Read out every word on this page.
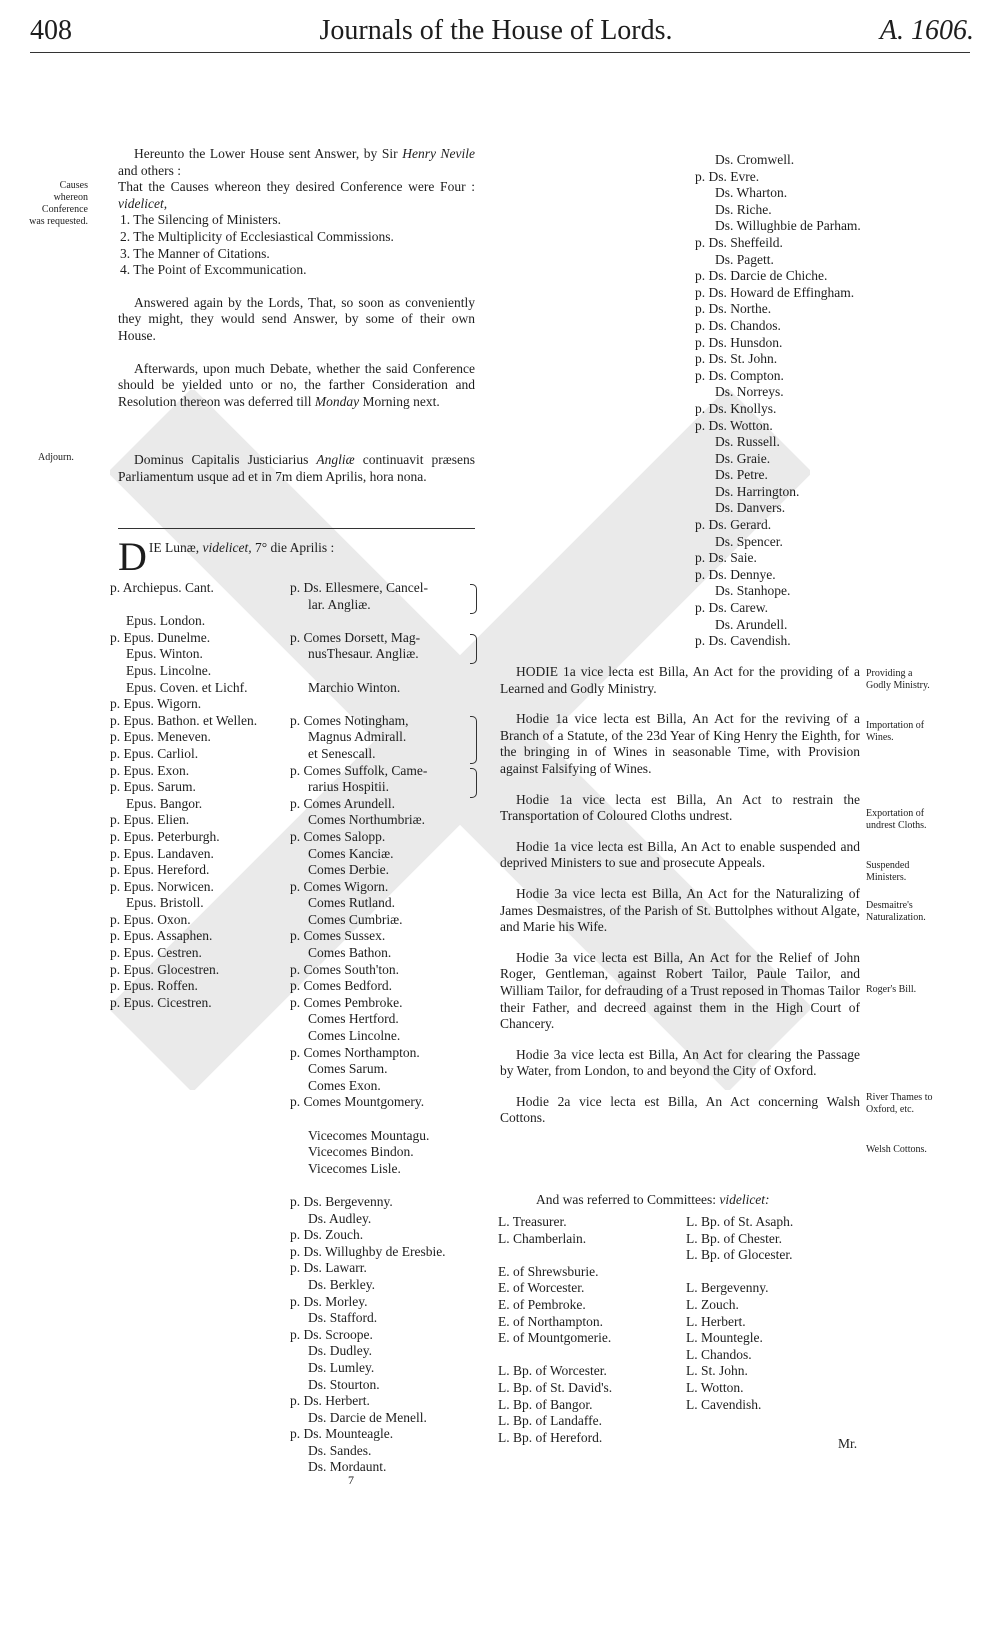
408	Journals of the House of Lords.	A. 1606.
Causes whereon Conference was requested.
Hereunto the Lower House sent Answer, by Sir Henry Nevile and others :
That the Causes whereon they desired Conference were Four : videlicet,
1. The Silencing of Ministers.
2. The Multiplicity of Ecclesiastical Commissions.
3. The Manner of Citations.
4. The Point of Excommunication.
Answered again by the Lords, That, so soon as conveniently they might, they would send Answer, by some of their own House.
Afterwards, upon much Debate, whether the said Conference should be yielded unto or no, the farther Consideration and Resolution thereon was deferred till Monday Morning next.
Adjourn.	Dominus Capitalis Justiciarius Angliæ continuavit præsens Parliamentum usque ad et in 7m diem Aprilis, hora nona.
D IE Lunæ, videlicet, 7° die Aprilis :
p. Archiepus. Cant.
Epus. London.
p. Epus. Dunelme.
Epus. Winton.
Epus. Lincolne.
Epus. Coven. et Lichf.
p. Epus. Wigorn.
p. Epus. Bathon. et Wellen.
p. Epus. Meneven.
p. Epus. Carliol.
p. Epus. Exon.
p. Epus. Sarum.
Epus. Bangor.
p. Epus. Elien.
p. Epus. Peterburgh.
p. Epus. Landaven.
p. Epus. Hereford.
p. Epus. Norwicen.
Epus. Bristoll.
p. Epus. Oxon.
p. Epus. Assaphen.
p. Epus. Cestren.
p. Epus. Glocestren.
p. Epus. Roffen.
p. Epus. Cicestren.
p. Ds. Ellesmere, Cancel-
lar. Angliæ.
p. Comes Dorsett, Mag-
nusThesaur. Angliæ.
Marchio Winton.
p. Comes Notingham,
Magnus Admirall.
et Senescall.
p. Comes Suffolk, Came-
rarius Hospitii.
p. Comes Arundell.
Comes Northumbriæ.
p. Comes Salopp.
Comes Kanciæ.
Comes Derbie.
p. Comes Wigorn.
Comes Rutland.
Comes Cumbriæ.
p. Comes Sussex.
Comes Bathon.
p. Comes South'ton.
p. Comes Bedford.
p. Comes Pembroke.
Comes Hertford.
Comes Lincolne.
p. Comes Northampton.
Comes Sarum.
Comes Exon.
p. Comes Mountgomery.
Vicecomes Mountagu.
Vicecomes Bindon.
Vicecomes Lisle.
p. Ds. Bergevenny.
Ds. Audley.
p. Ds. Zouch.
p. Ds. Willughby de Eresbie.
p. Ds. Lawarr.
Ds. Berkley.
p. Ds. Morley.
Ds. Stafford.
p. Ds. Scroope.
Ds. Dudley.
Ds. Lumley.
Ds. Stourton.
p. Ds. Herbert.
Ds. Darcie de Menell.
p. Ds. Mounteagle.
Ds. Sandes.
Ds. Mordaunt.
7
Ds. Cromwell.
p. Ds. Evre.
Ds. Wharton.
Ds. Riche.
Ds. Willughbie de Parham.
p. Ds. Sheffeild.
Ds. Pagett.
p. Ds. Darcie de Chiche.
p. Ds. Howard de Effingham.
p. Ds. Northe.
p. Ds. Chandos.
p. Ds. Hunsdon.
p. Ds. St. John.
p. Ds. Compton.
Ds. Norreys.
p. Ds. Knollys.
p. Ds. Wotton.
Ds. Russell.
Ds. Graie.
Ds. Petre.
Ds. Harrington.
Ds. Danvers.
p. Ds. Gerard.
Ds. Spencer.
p. Ds. Saie.
p. Ds. Dennye.
Ds. Stanhope.
p. Ds. Carew.
Ds. Arundell.
p. Ds. Cavendish.

HODIE 1a vice lecta est Billa, An Act for the providing of a Learned and Godly Ministry.

Hodie 1a vice lecta est Billa, An Act for the reviving of a Branch of a Statute, of the 23d Year of King Henry the Eighth, for the bringing in of Wines in seasonable Time, with Provision against Falsifying of Wines.

Hodie 1a vice lecta est Billa, An Act to restrain the Transportation of Coloured Cloths undrest.

Hodie 1a vice lecta est Billa, An Act to enable suspended and deprived Ministers to sue and prosecute Appeals.

Hodie 3a vice lecta est Billa, An Act for the Naturalizing of James Desmaistres, of the Parish of St. Buttolphes without Algate, and Marie his Wife.

Hodie 3a vice lecta est Billa, An Act for the Relief of John Roger, Gentleman, against Robert Tailor, Paule Tailor, and William Tailor, for defrauding of a Trust reposed in Thomas Tailor their Father, and decreed against them in the High Court of Chancery.

Hodie 3a vice lecta est Billa, An Act for clearing the Passage by Water, from London, to and beyond the City of Oxford.

Hodie 2a vice lecta est Billa, An Act concerning Walsh Cottons.

Providing a Godly Ministry.
Importation of Wines.
Exportation of undrest Cloths.
Suspended Ministers.
Desmaitre's Naturalization.
Roger's Bill.
River Thames to Oxford, etc.
Welsh Cottons.
And was referred to Committees: videlicet:
L. Treasurer.
L. Chamberlain.
E. of Shrewsburie.
E. of Worcester.
E. of Pembroke.
E. of Northampton.
E. of Mountgomerie.
L. Bp. of Worcester.
L. Bp. of St. David's.
L. Bp. of Bangor.
L. Bp. of Landaffe.
L. Bp. of Hereford.
L. Bp. of St. Asaph.
L. Bp. of Chester.
L. Bp. of Glocester.
L. Bergevenny.
L. Zouch.
L. Herbert.
L. Mountegle.
L. Chandos.
L. St. John.
L. Wotton.
L. Cavendish.
Mr.
